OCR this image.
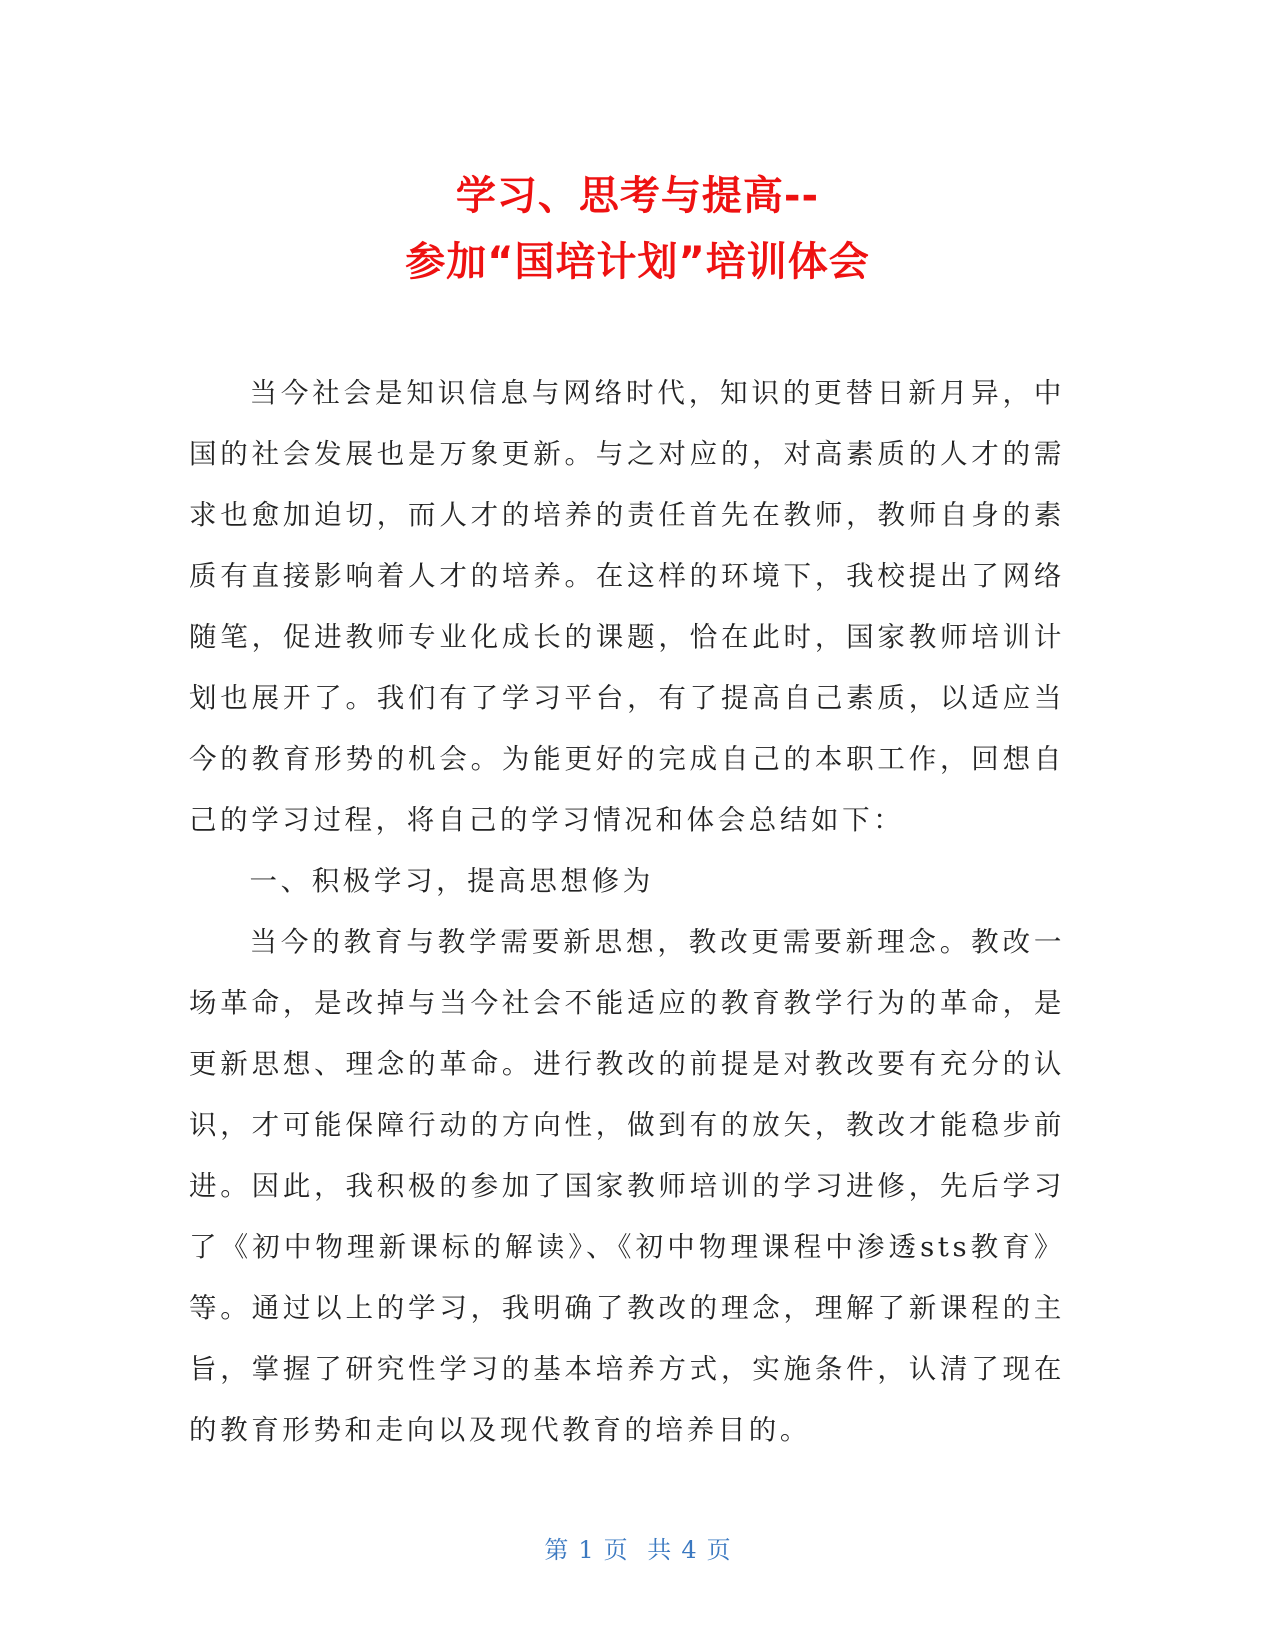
学习、思考与提高--
参加“国培计划”培训体会

当今社会是知识信息与网络时代，知识的更替日新月异，中国的社会发展也是万象更新。与之对应的，对高素质的人才的需求也愈加迫切，而人才的培养的责任首先在教师，教师自身的素质有直接影响着人才的培养。在这样的环境下，我校提出了网络随笔，促进教师专业化成长的课题，恰在此时，国家教师培训计划也展开了。我们有了学习平台，有了提高自己素质，以适应当今的教育形势的机会。为能更好的完成自己的本职工作，回想自己的学习过程，将自己的学习情况和体会总结如下：

一、积极学习，提高思想修为

当今的教育与教学需要新思想，教改更需要新理念。教改一场革命，是改掉与当今社会不能适应的教育教学行为的革命，是更新思想、理念的革命。进行教改的前提是对教改要有充分的认识，才可能保障行动的方向性，做到有的放矢，教改才能稳步前进。因此，我积极的参加了国家教师培训的学习进修，先后学习了《初中物理新课标的解读》、《初中物理课程中渗透sts教育》等。通过以上的学习，我明确了教改的理念，理解了新课程的主旨，掌握了研究性学习的基本培养方式，实施条件，认清了现在的教育形势和走向以及现代教育的培养目的。

第 1 页 共 4 页
